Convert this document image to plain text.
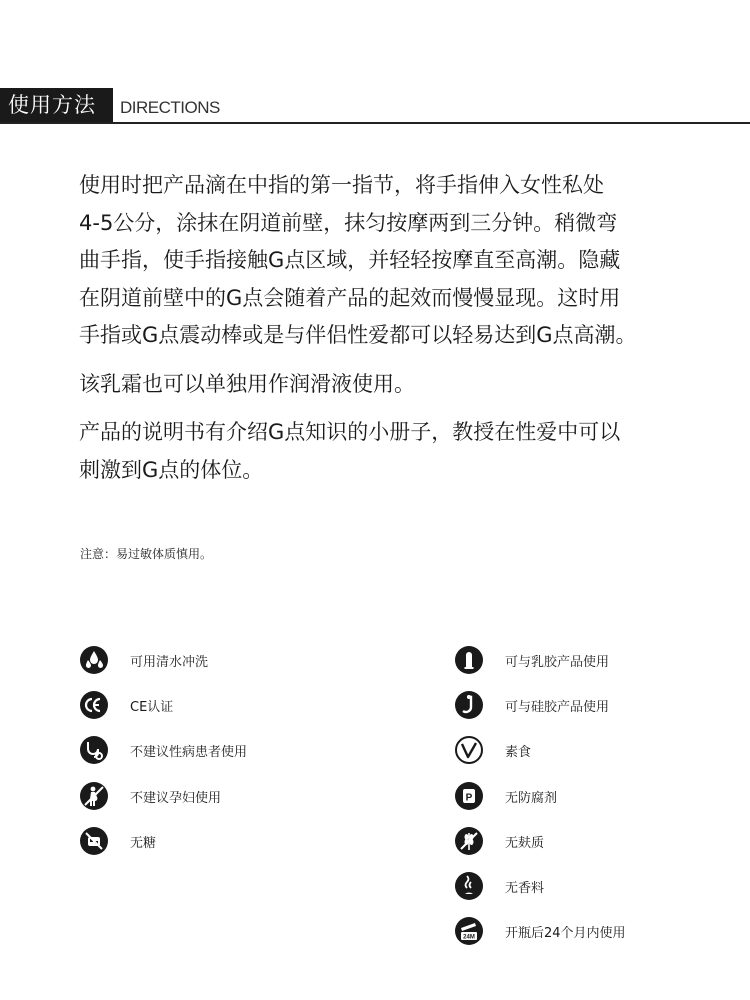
使用方法	DIRECTIONS

使用时把产品滴在中指的第一指节，将手指伸入女性私处
4-5公分，涂抹在阴道前壁，抹匀按摩两到三分钟。稍微弯
曲手指，使手指接触G点区域，并轻轻按摩直至高潮。隐藏
在阴道前壁中的G点会随着产品的起效而慢慢显现。这时用
手指或G点震动棒或是与伴侣性爱都可以轻易达到G点高潮。

该乳霜也可以单独用作润滑液使用。

产品的说明书有介绍G点知识的小册子，教授在性爱中可以
刺激到G点的体位。

注意：易过敏体质慎用。
可用清水冲洗
CE认证
不建议性病患者使用
不建议孕妇使用
无糖
可与乳胶产品使用
可与硅胶产品使用
素食
P	无防腐剂
无麸质
无香料
24M 开瓶后24个月内使用
